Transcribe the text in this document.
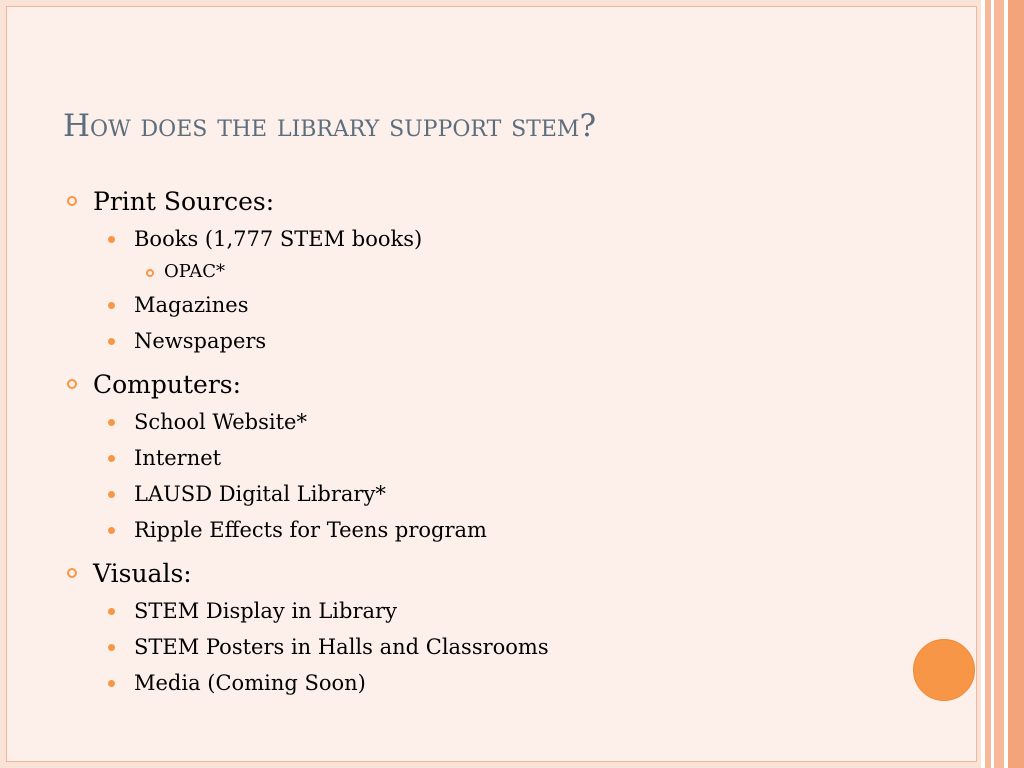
How does the library support stem?
Print Sources:
Books (1,777 STEM books)
OPAC*
Magazines
Newspapers
Computers:
School Website*
Internet
LAUSD Digital Library*
Ripple Effects for Teens program
Visuals:
STEM Display in Library
STEM Posters in Halls and Classrooms
Media (Coming Soon)
